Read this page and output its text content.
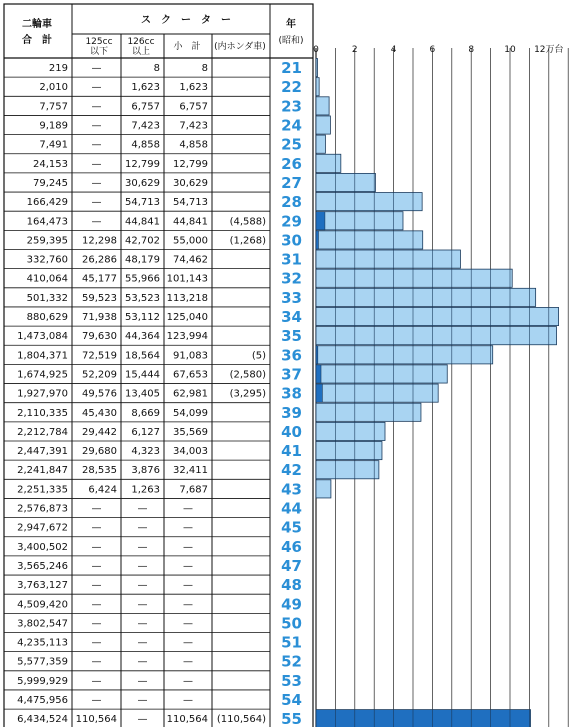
二輪車
合　計
ス　ク　ー　タ　ー
125cc
以下
126cc
以上	小　計 (内ホンダ車)
年
(昭和)
219 —	8	8	21
2,010 —	1,623 1,623	22
7,757 —	6,757 6,757	23
9,189 —	7,423 7,423	24
7,491 —	4,858 4,858	25
24,153 — 12,799 12,799	26
79,245 — 30,629 30,629	27
166,429 — 54,713 54,713	28
164,473 — 44,841 44,841 (4,588) 29
259,395 12,298 42,702 55,000 (1,268) 30
332,760 26,286 48,179 74,462	31
410,064 45,177 55,966 101,143	32
501,332 59,523 53,523 113,218	33
880,629 71,938 53,112 125,040	34
1,473,084 79,630 44,364 123,994	35
1,804,371 72,519 18,564 91,083	(5) 36
1,674,925 52,209 15,444 67,653 (2,580) 37
1,927,970 49,576 13,405 62,981 (3,295) 38
2,110,335 45,430 8,669 54,099	39
2,212,784 29,442 6,127 35,569	40
2,447,391 29,680 4,323 34,003	41
2,241,847 28,535 3,876 32,411	42
2,251,335 6,424 1,263 7,687	43
2,576,873 —	—	—	44
2,947,672 —	—	—	45
3,400,502 —	—	—	46
3,565,246 —	—	—	47
3,763,127 —	—	—	48
4,509,420 —	—	—	49
3,802,547 —	—	—	50
4,235,113 —	—	—	51
5,577,359 —	—	—	52
5,999,929 —	—	—	53
4,475,956 —	—	—	54
6,434,524 110,564 — 110,564 (110,564) 55
0	2	4	6	8	10 12万台
